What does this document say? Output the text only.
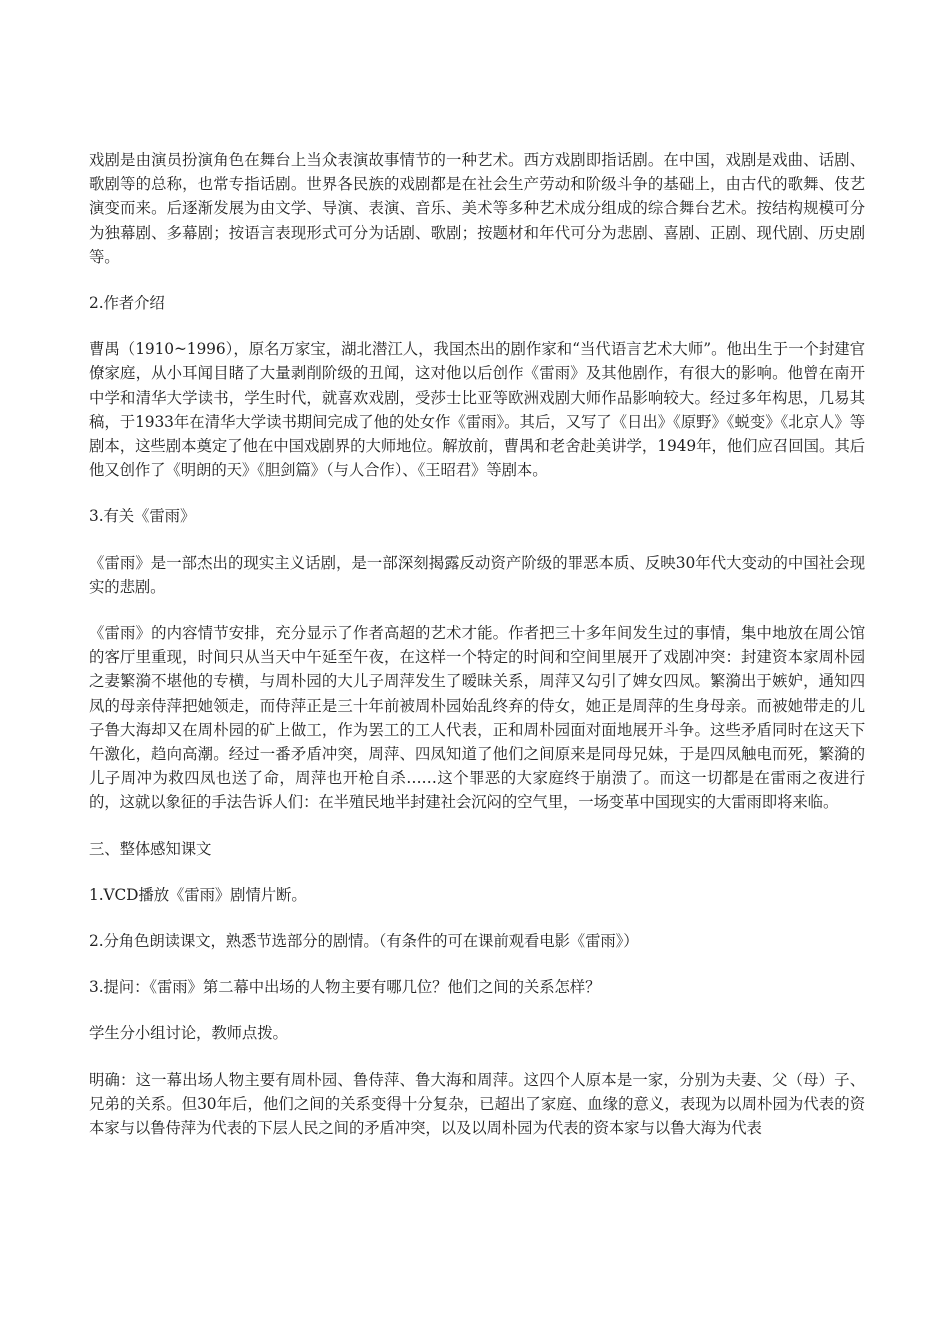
戏剧是由演员扮演角色在舞台上当众表演故事情节的一种艺术。西方戏剧即指话剧。在中国，戏剧是戏曲、话剧、歌剧等的总称，也常专指话剧。世界各民族的戏剧都是在社会生产劳动和阶级斗争的基础上，由古代的歌舞、伎艺演变而来。后逐渐发展为由文学、导演、表演、音乐、美术等多种艺术成分组成的综合舞台艺术。按结构规模可分为独幕剧、多幕剧；按语言表现形式可分为话剧、歌剧；按题材和年代可分为悲剧、喜剧、正剧、现代剧、历史剧等。

2.作者介绍

曹禺（1910~1996），原名万家宝，湖北潜江人，我国杰出的剧作家和“当代语言艺术大师”。他出生于一个封建官僚家庭，从小耳闻目睹了大量剥削阶级的丑闻，这对他以后创作《雷雨》及其他剧作，有很大的影响。他曾在南开中学和清华大学读书，学生时代，就喜欢戏剧，受莎士比亚等欧洲戏剧大师作品影响较大。经过多年构思，几易其稿，于1933年在清华大学读书期间完成了他的处女作《雷雨》。其后，又写了《日出》《原野》《蜕变》《北京人》等剧本，这些剧本奠定了他在中国戏剧界的大师地位。解放前，曹禺和老舍赴美讲学，1949年，他们应召回国。其后他又创作了《明朗的天》《胆剑篇》（与人合作）、《王昭君》等剧本。

3.有关《雷雨》

《雷雨》是一部杰出的现实主义话剧，是一部深刻揭露反动资产阶级的罪恶本质、反映30年代大变动的中国社会现实的悲剧。

《雷雨》的内容情节安排，充分显示了作者高超的艺术才能。作者把三十多年间发生过的事情，集中地放在周公馆的客厅里重现，时间只从当天中午延至午夜，在这样一个特定的时间和空间里展开了戏剧冲突：封建资本家周朴园之妻繁漪不堪他的专横，与周朴园的大儿子周萍发生了暧昧关系，周萍又勾引了婢女四凤。繁漪出于嫉妒，通知四凤的母亲侍萍把她领走，而侍萍正是三十年前被周朴园始乱终弃的侍女，她正是周萍的生身母亲。而被她带走的儿子鲁大海却又在周朴园的矿上做工，作为罢工的工人代表，正和周朴园面对面地展开斗争。这些矛盾同时在这天下午激化，趋向高潮。经过一番矛盾冲突，周萍、四凤知道了他们之间原来是同母兄妹，于是四凤触电而死，繁漪的儿子周冲为救四凤也送了命，周萍也开枪自杀……这个罪恶的大家庭终于崩溃了。而这一切都是在雷雨之夜进行的，这就以象征的手法告诉人们：在半殖民地半封建社会沉闷的空气里，一场变革中国现实的大雷雨即将来临。

三、整体感知课文

1.VCD播放《雷雨》剧情片断。

2.分角色朗读课文，熟悉节选部分的剧情。（有条件的可在课前观看电影《雷雨》）

3.提问：《雷雨》第二幕中出场的人物主要有哪几位？他们之间的关系怎样？

学生分小组讨论，教师点拨。

明确：这一幕出场人物主要有周朴园、鲁侍萍、鲁大海和周萍。这四个人原本是一家，分别为夫妻、父（母）子、兄弟的关系。但30年后，他们之间的关系变得十分复杂，已超出了家庭、血缘的意义，表现为以周朴园为代表的资本家与以鲁侍萍为代表的下层人民之间的矛盾冲突，以及以周朴园为代表的资本家与以鲁大海为代表
